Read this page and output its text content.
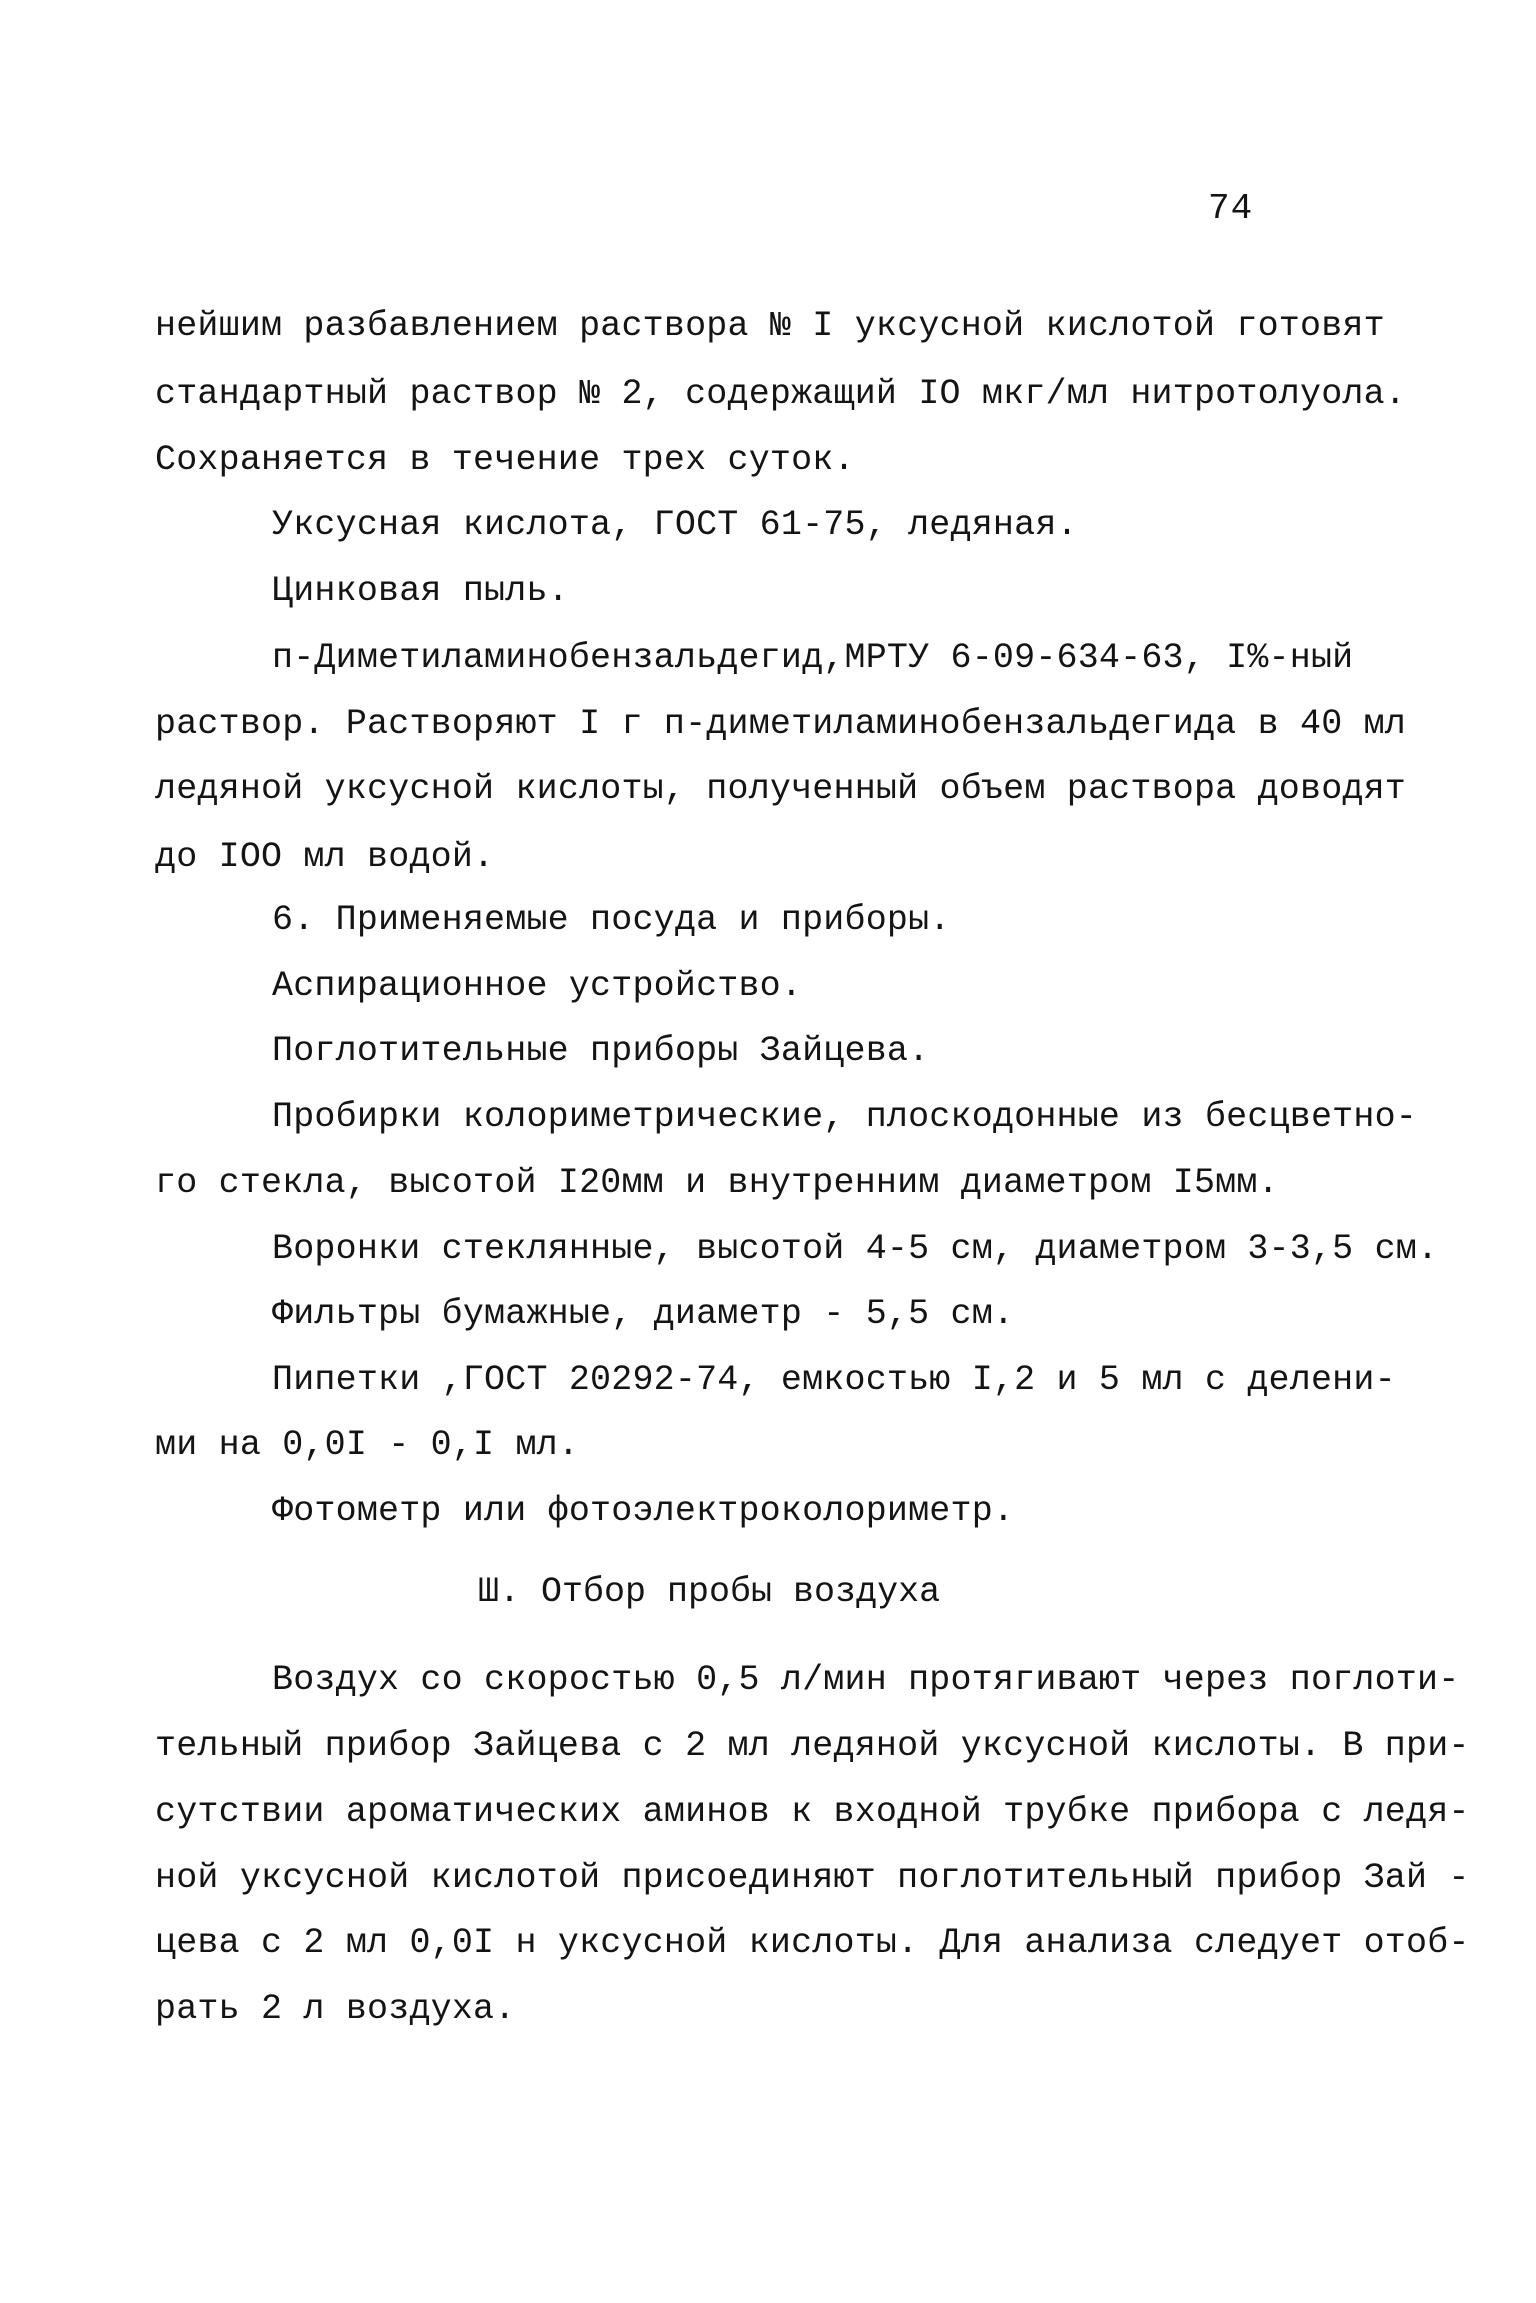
74
нейшим разбавлением раствора № I уксусной кислотой готовят
стандартный раствор № 2, содержащий IO мкг/мл нитротолуола.
Сохраняется в течение трех суток.
Уксусная кислота, ГОСТ 61-75, ледяная.
Цинковая пыль.
п-Диметиламинобензальдегид,МРТУ 6-09-634-63, I%-ный
раствор. Растворяют I г п-диметиламинобензальдегида в 40 мл
ледяной уксусной кислоты, полученный объем раствора доводят
до IOO мл водой.
6. Применяемые посуда и приборы.
Аспирационное устройство.
Поглотительные приборы Зайцева.
Пробирки колориметрические, плоскодонные из бесцветно-
го стекла, высотой I20мм и внутренним диаметром I5мм.
Воронки стеклянные, высотой 4-5 см, диаметром 3-3,5 см.
Фильтры бумажные, диаметр - 5,5 см.
Пипетки ,ГОСТ 20292-74, емкостью I,2 и 5 мл с делени-
ми на 0,0I - 0,I мл.
Фотометр или фотоэлектроколориметр.
Ш. Отбор пробы воздуха
Воздух со скоростью 0,5 л/мин протягивают через поглоти-
тельный прибор Зайцева с 2 мл ледяной уксусной кислоты. В при-
сутствии ароматических аминов к входной трубке прибора с ледя-
ной уксусной кислотой присоединяют поглотительный прибор Зай -
цева с 2 мл 0,0I н уксусной кислоты. Для анализа следует отоб-
рать 2 л воздуха.
